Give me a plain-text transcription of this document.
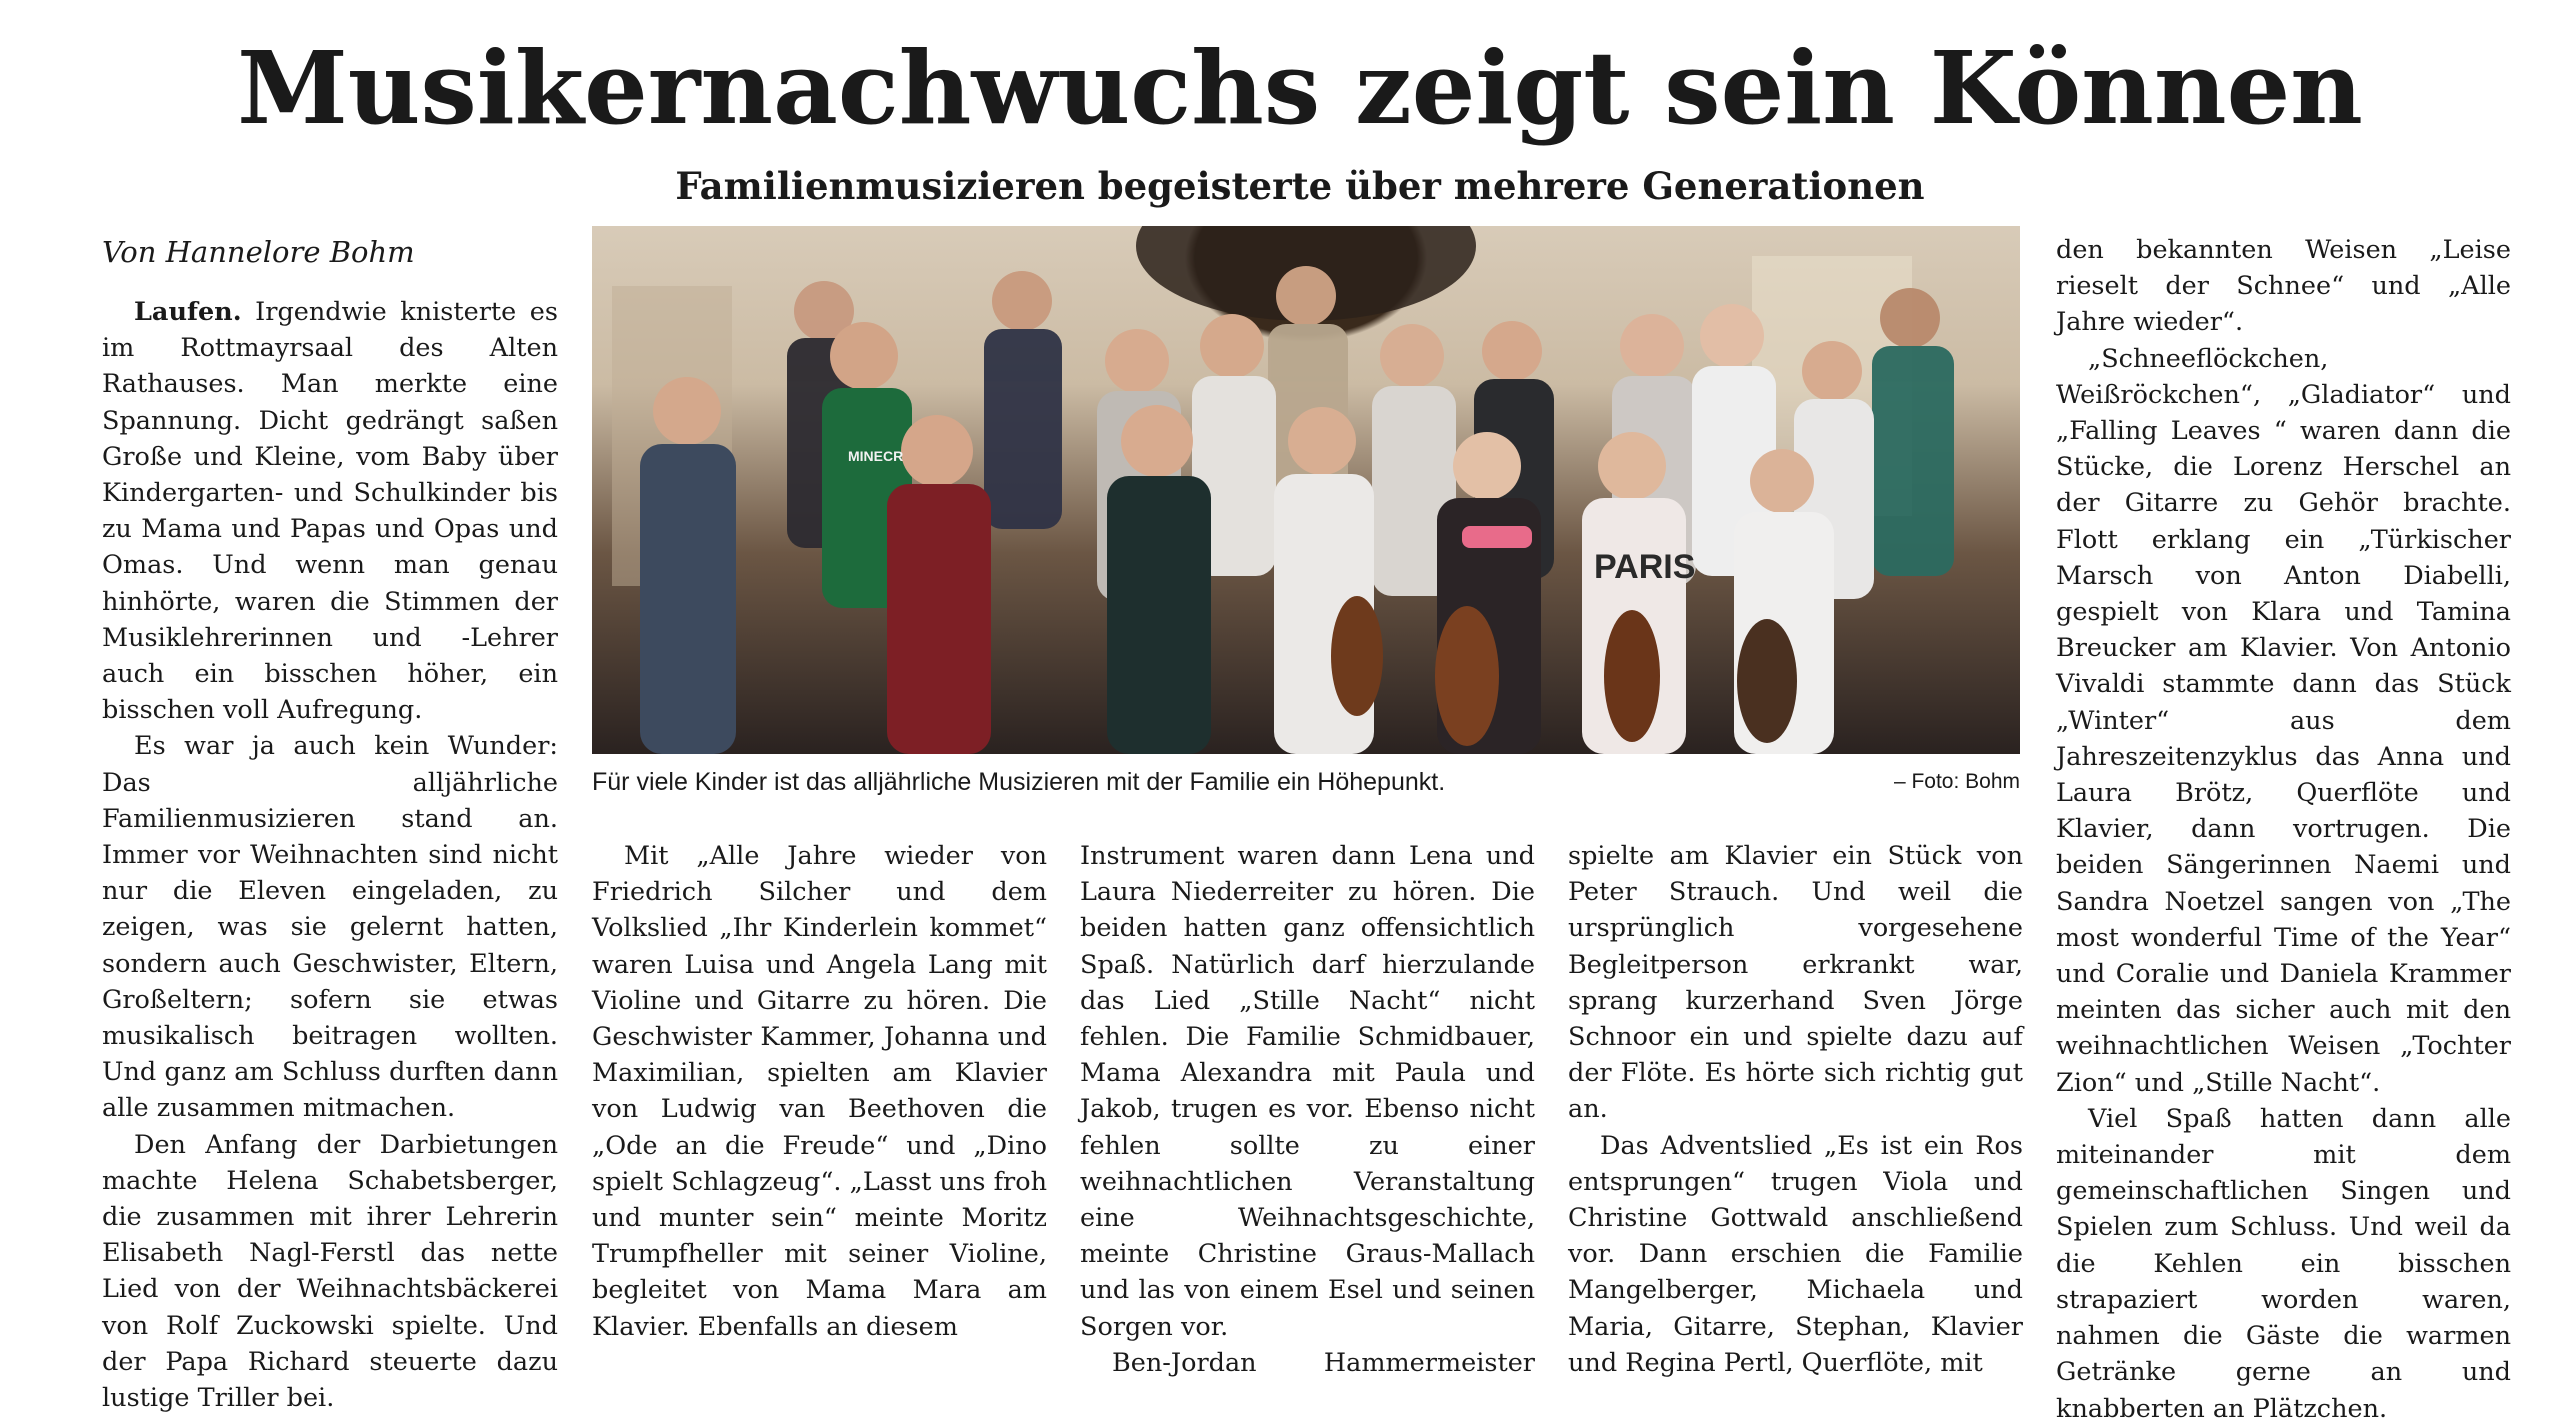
Musikernachwuchs zeigt sein Können
Familienmusizieren begeisterte über mehrere Generationen
Von Hannelore Bohm

Laufen. Irgendwie knisterte es im Rottmayrsaal des Alten Rathauses. Man merkte eine Spannung. Dicht gedrängt saßen Große und Kleine, vom Baby über Kindergarten- und Schulkinder bis zu Mama und Papas und Opas und Omas. Und wenn man genau hinhörte, waren die Stimmen der Musiklehrerinnen und -Lehrer auch ein bisschen höher, ein bisschen voll Aufregung.

Es war ja auch kein Wunder: Das alljährliche Familienmusizieren stand an. Immer vor Weihnachten sind nicht nur die Eleven eingeladen, zu zeigen, was sie gelernt hatten, sondern auch Geschwister, Eltern, Großeltern; sofern sie etwas musikalisch beitragen wollten. Und ganz am Schluss durften dann alle zusammen mitmachen.

Den Anfang der Darbietungen machte Helena Schabetsberger, die zusammen mit ihrer Lehrerin Elisabeth Nagl-Ferstl das nette Lied von der Weihnachtsbäckerei von Rolf Zuckowski spielte. Und der Papa Richard steuerte dazu lustige Triller bei.

PARIS
MINECR
Für viele Kinder ist das alljährliche Musizieren mit der Familie ein Höhepunkt.	– Foto: Bohm

Mit „Alle Jahre wieder von Friedrich Silcher und dem Volkslied „Ihr Kinderlein kommet“ waren Luisa und Angela Lang mit Violine und Gitarre zu hören. Die Geschwister Kammer, Johanna und Maximilian, spielten am Klavier von Ludwig van Beethoven die „Ode an die Freude“ und „Dino spielt Schlagzeug“. „Lasst uns froh und munter sein“ meinte Moritz Trumpfheller mit seiner Violine, begleitet von Mama Mara am Klavier. Ebenfalls an diesem

Instrument waren dann Lena und Laura Niederreiter zu hören. Die beiden hatten ganz offensichtlich Spaß. Natürlich darf hierzulande das Lied „Stille Nacht“ nicht fehlen. Die Familie Schmidbauer, Mama Alexandra mit Paula und Jakob, trugen es vor. Ebenso nicht fehlen sollte zu einer weihnachtlichen Veranstaltung eine Weihnachtsgeschichte, meinte Christine Graus-Mallach und las von einem Esel und seinen Sorgen vor.

Ben-Jordan Hammermeister

spielte am Klavier ein Stück von Peter Strauch. Und weil die ursprünglich vorgesehene Begleitperson erkrankt war, sprang kurzerhand Sven Jörge Schnoor ein und spielte dazu auf der Flöte. Es hörte sich richtig gut an.

Das Adventslied „Es ist ein Ros entsprungen“ trugen Viola und Christine Gottwald anschließend vor. Dann erschien die Familie Mangelberger, Michaela und Maria, Gitarre, Stephan, Klavier und Regina Pertl, Querflöte, mit

den bekannten Weisen „Leise rieselt der Schnee“ und „Alle Jahre wieder“.

„Schneeflöckchen, Weißröckchen“, „Gladiator“ und „Falling Leaves “ waren dann die Stücke, die Lorenz Herschel an der Gitarre zu Gehör brachte. Flott erklang ein „Türkischer Marsch von Anton Diabelli, gespielt von Klara und Tamina Breucker am Klavier. Von Antonio Vivaldi stammte dann das Stück „Winter“ aus dem Jahreszeitenzyklus das Anna und Laura Brötz, Querflöte und Klavier, dann vortrugen. Die beiden Sängerinnen Naemi und Sandra Noetzel sangen von „The most wonderful Time of the Year“ und Coralie und Daniela Krammer meinten das sicher auch mit den weihnachtlichen Weisen „Tochter Zion“ und „Stille Nacht“.

Viel Spaß hatten dann alle miteinander mit dem gemeinschaftlichen Singen und Spielen zum Schluss. Und weil da die Kehlen ein bisschen strapaziert worden waren, nahmen die Gäste die warmen Getränke gerne an und knabberten an Plätzchen.
